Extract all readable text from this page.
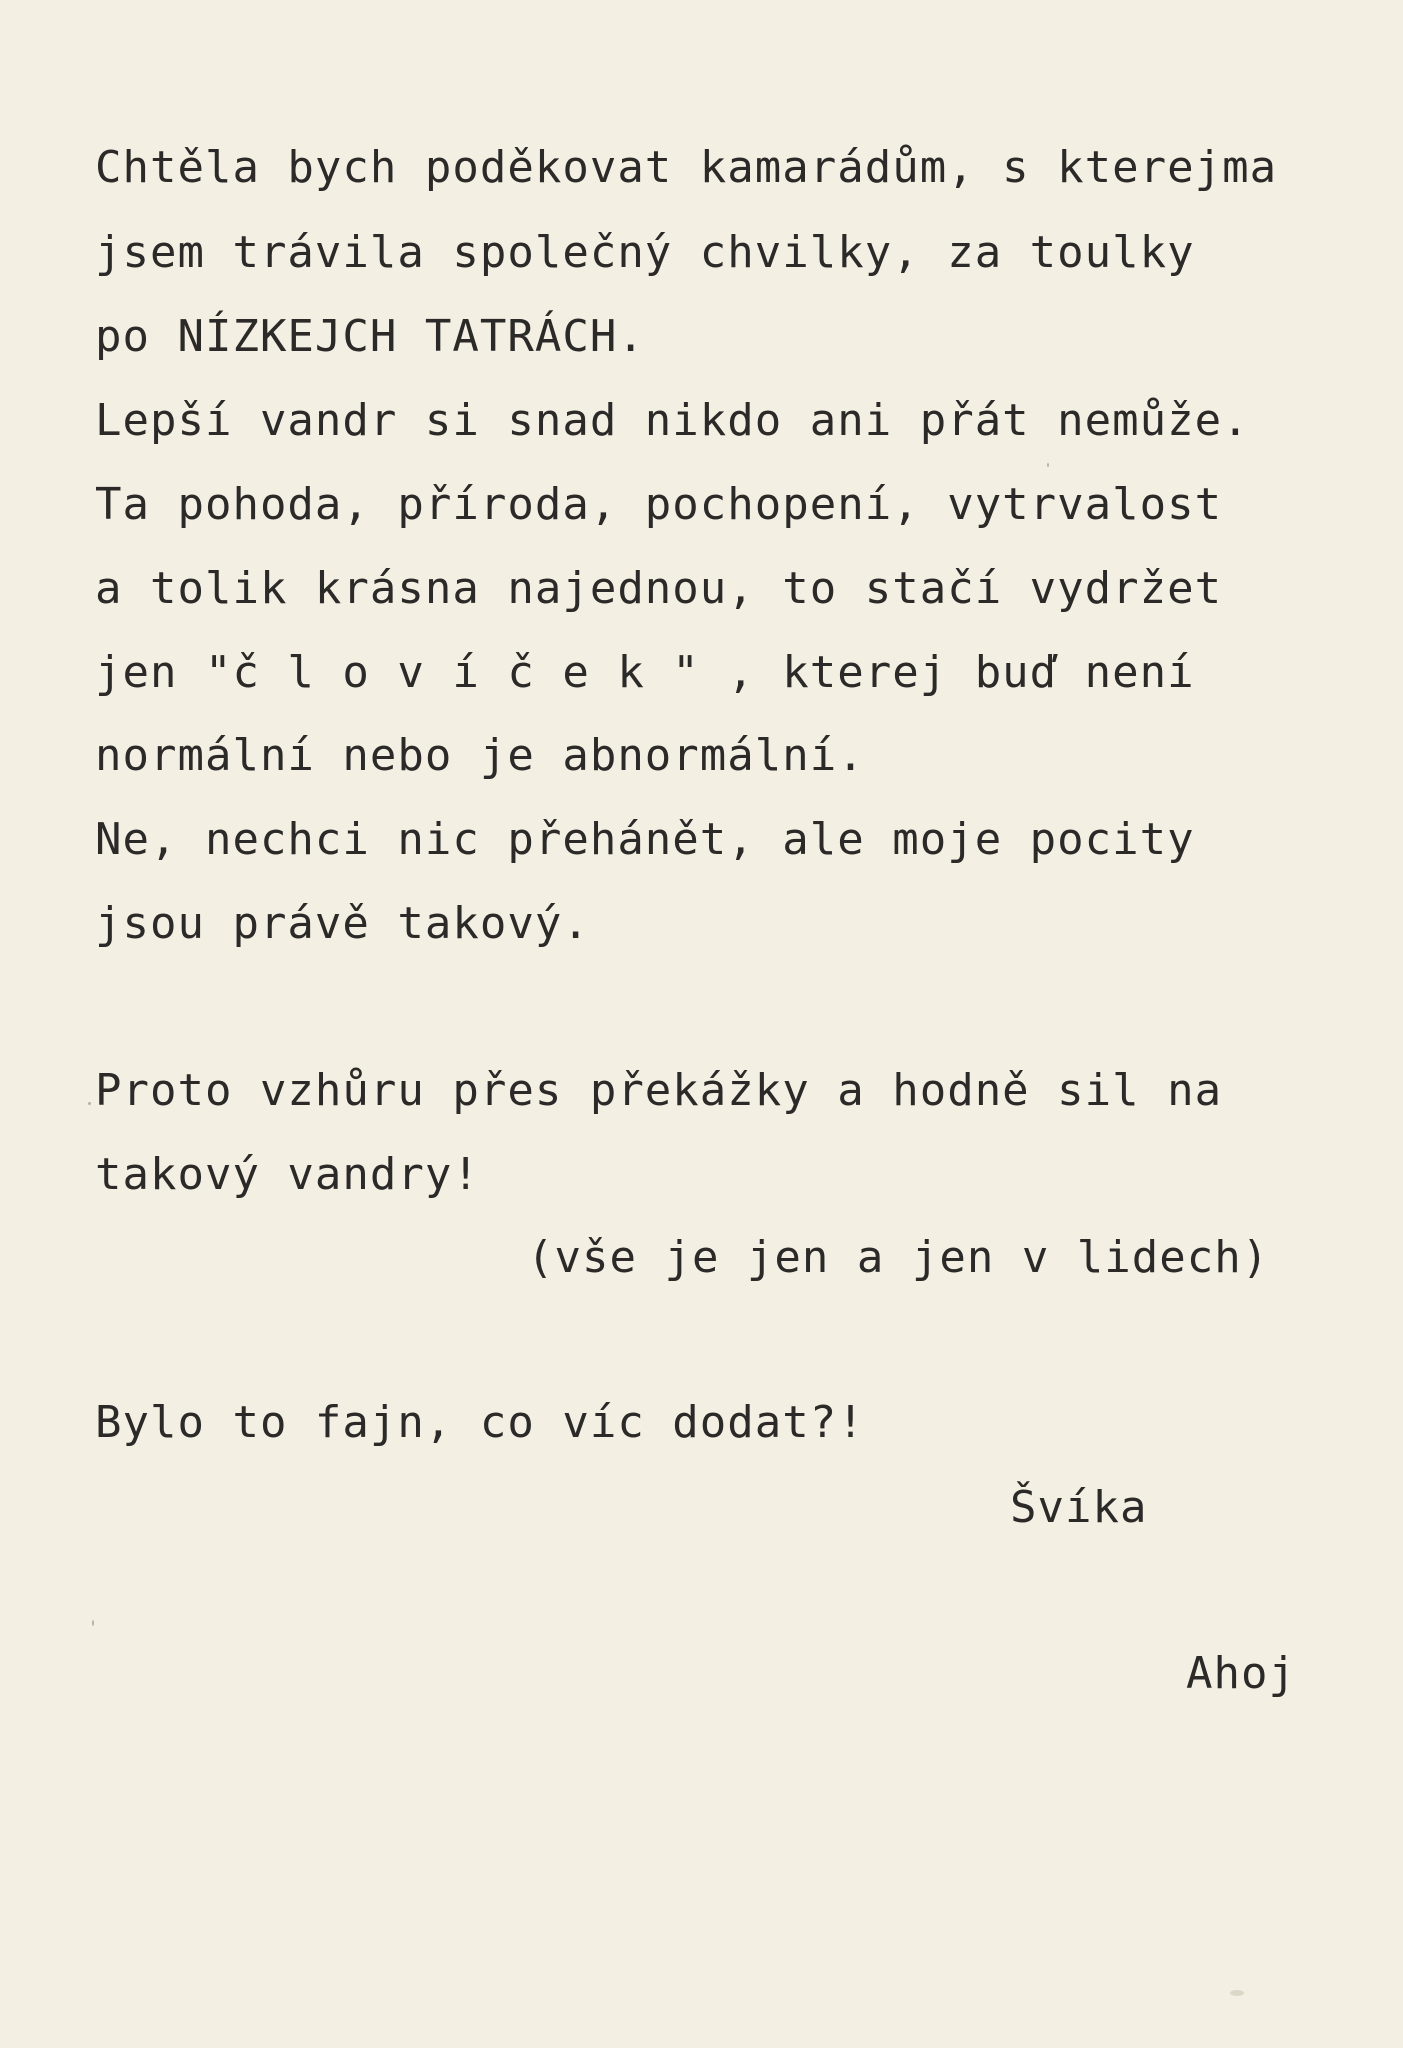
Chtěla bych poděkovat kamarádům, s kterejma

jsem trávila společný chvilky, za toulky

po NÍZKEJCH TATRÁCH.

Lepší vandr si snad nikdo ani přát nemůže.

Ta pohoda, příroda, pochopení, vytrvalost

a tolik krásna najednou, to stačí vydržet

jen "č l o v í č e k " , kterej buď není

normální nebo je abnormální.

Ne, nechci nic přehánět, ale moje pocity

jsou právě takový.

Proto vzhůru přes překážky a hodně sil na

takový vandry!

(vše je jen a jen v lidech)

Bylo to fajn, co víc dodat?!

Švíka

Ahoj
